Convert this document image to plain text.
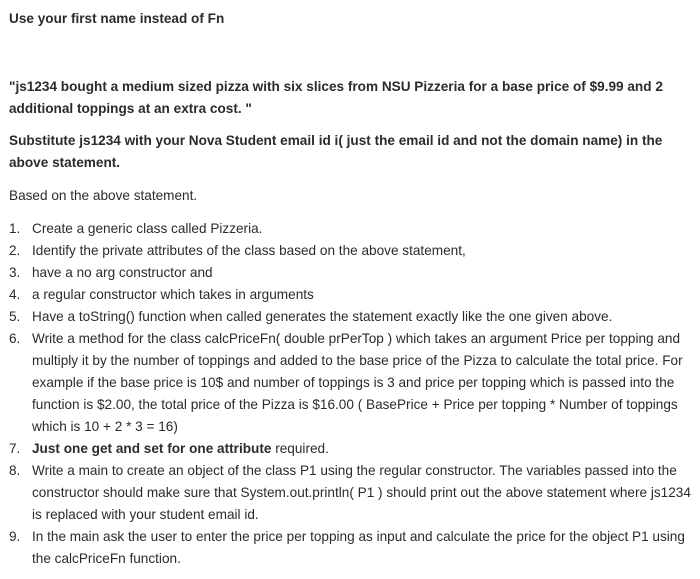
Use your first name instead of Fn

"js1234 bought a medium sized pizza with six slices from NSU Pizzeria for a base price of $9.99 and 2 additional toppings at an extra cost. "

Substitute js1234 with your Nova Student email id i( just the email id and not the domain name) in the above statement.

Based on the above statement.

1. Create a generic class called Pizzeria.
2. Identify the private attributes of the class based on the above statement,
3. have a no arg constructor and
4. a regular constructor which takes in arguments
5. Have a toString() function when called generates the statement exactly like the one given above.
6. Write a method for the class calcPriceFn( double prPerTop ) which takes an argument Price per topping and multiply it by the number of toppings and added to the base price of the Pizza to calculate the total price. For example if the base price is 10$ and number of toppings is 3 and price per topping which is passed into the function is $2.00, the total price of the Pizza is $16.00 ( BasePrice + Price per topping * Number of toppings which is 10 + 2 * 3 = 16)
7. Just one get and set for one attribute required.
8. Write a main to create an object of the class P1 using the regular constructor. The variables passed into the constructor should make sure that System.out.println( P1 ) should print out the above statement where js1234 is replaced with your student email id.
9. In the main ask the user to enter the price per topping as input and calculate the price for the object P1 using the calcPriceFn function.
